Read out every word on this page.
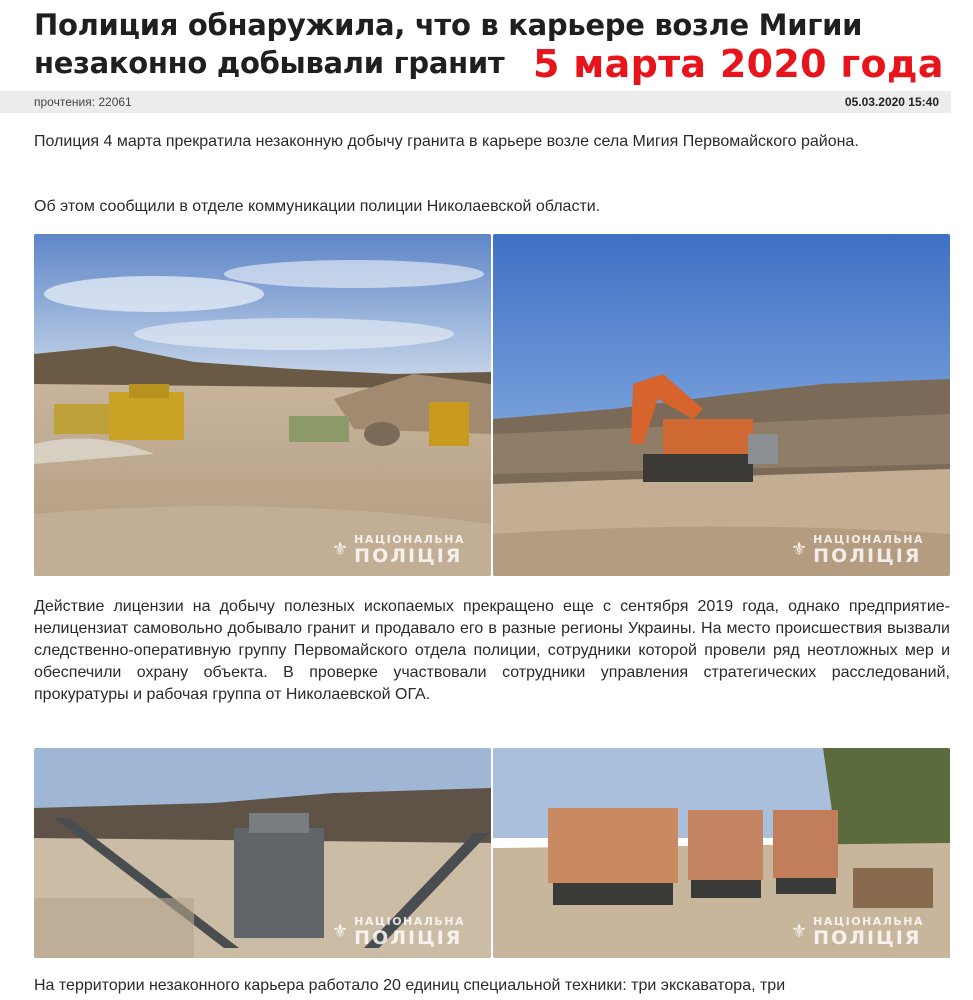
Полиция обнаружила, что в карьере возле Мигии незаконно добывали гранит 5 марта 2020 года
прочтения: 22061	05.03.2020 15:40

Полиция 4 марта прекратила незаконную добычу гранита в карьере возле села Мигия Первомайского района.

Об этом сообщили в отделе коммуникации полиции Николаевской области.

⚜ НАЦІОНАЛЬНА
ПОЛІЦІЯ	⚜ НАЦІОНАЛЬНА
ПОЛІЦІЯ

Действие лицензии на добычу полезных ископаемых прекращено еще с сентября 2019 года, однако предприятие-нелицензиат самовольно добывало гранит и продавало его в разные регионы Украины. На место происшествия вызвали следственно-оперативную группу Первомайского отдела полиции, сотрудники которой провели ряд неотложных мер и обеспечили охрану объекта. В проверке участвовали сотрудники управления стратегических расследований, прокуратуры и рабочая группа от Николаевской ОГА.

⚜ НАЦІОНАЛЬНА
ПОЛІЦІЯ	⚜ НАЦІОНАЛЬНА
ПОЛІЦІЯ

На территории незаконного карьера работало 20 единиц специальной техники: три экскаватора, три
